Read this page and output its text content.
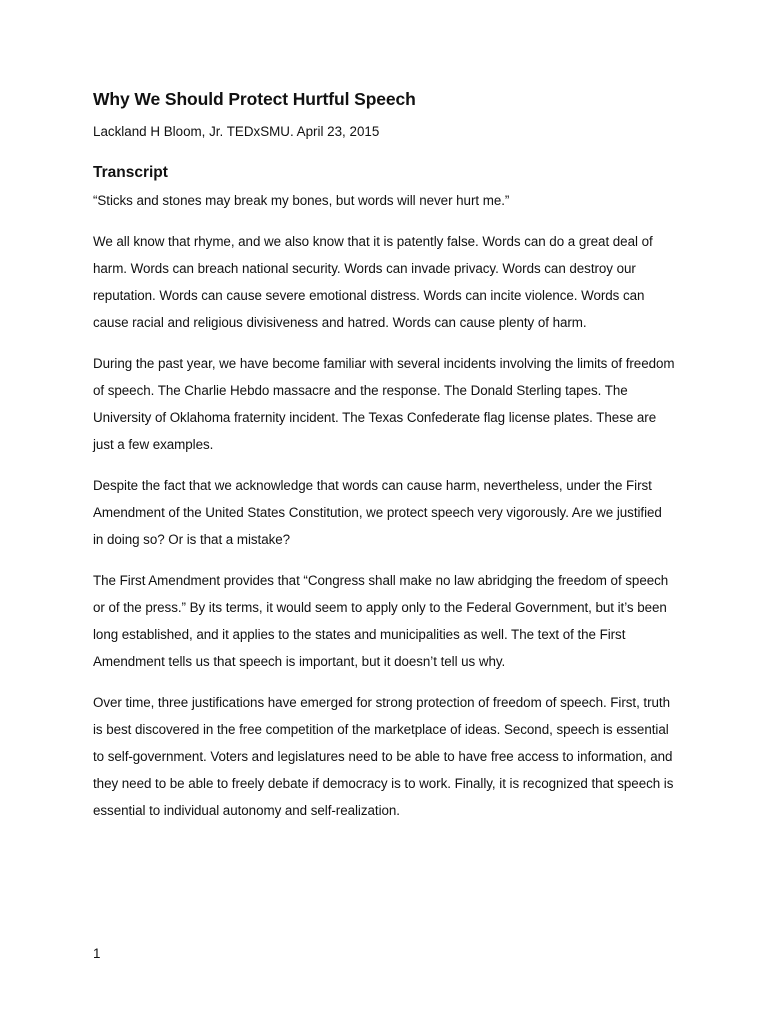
Why We Should Protect Hurtful Speech

Lackland H Bloom, Jr. TEDxSMU. April 23, 2015

Transcript

“Sticks and stones may break my bones, but words will never hurt me.”

We all know that rhyme, and we also know that it is patently false. Words can do a great deal of harm. Words can breach national security. Words can invade privacy. Words can destroy our reputation. Words can cause severe emotional distress. Words can incite violence. Words can cause racial and religious divisiveness and hatred. Words can cause plenty of harm.

During the past year, we have become familiar with several incidents involving the limits of freedom of speech. The Charlie Hebdo massacre and the response. The Donald Sterling tapes. The University of Oklahoma fraternity incident. The Texas Confederate flag license plates. These are just a few examples.

Despite the fact that we acknowledge that words can cause harm, nevertheless, under the First Amendment of the United States Constitution, we protect speech very vigorously. Are we justified in doing so? Or is that a mistake?

The First Amendment provides that “Congress shall make no law abridging the freedom of speech or of the press.” By its terms, it would seem to apply only to the Federal Government, but it’s been long established, and it applies to the states and municipalities as well. The text of the First Amendment tells us that speech is important, but it doesn’t tell us why.

Over time, three justifications have emerged for strong protection of freedom of speech. First, truth is best discovered in the free competition of the marketplace of ideas. Second, speech is essential to self-government. Voters and legislatures need to be able to have free access to information, and they need to be able to freely debate if democracy is to work. Finally, it is recognized that speech is essential to individual autonomy and self-realization.

1
